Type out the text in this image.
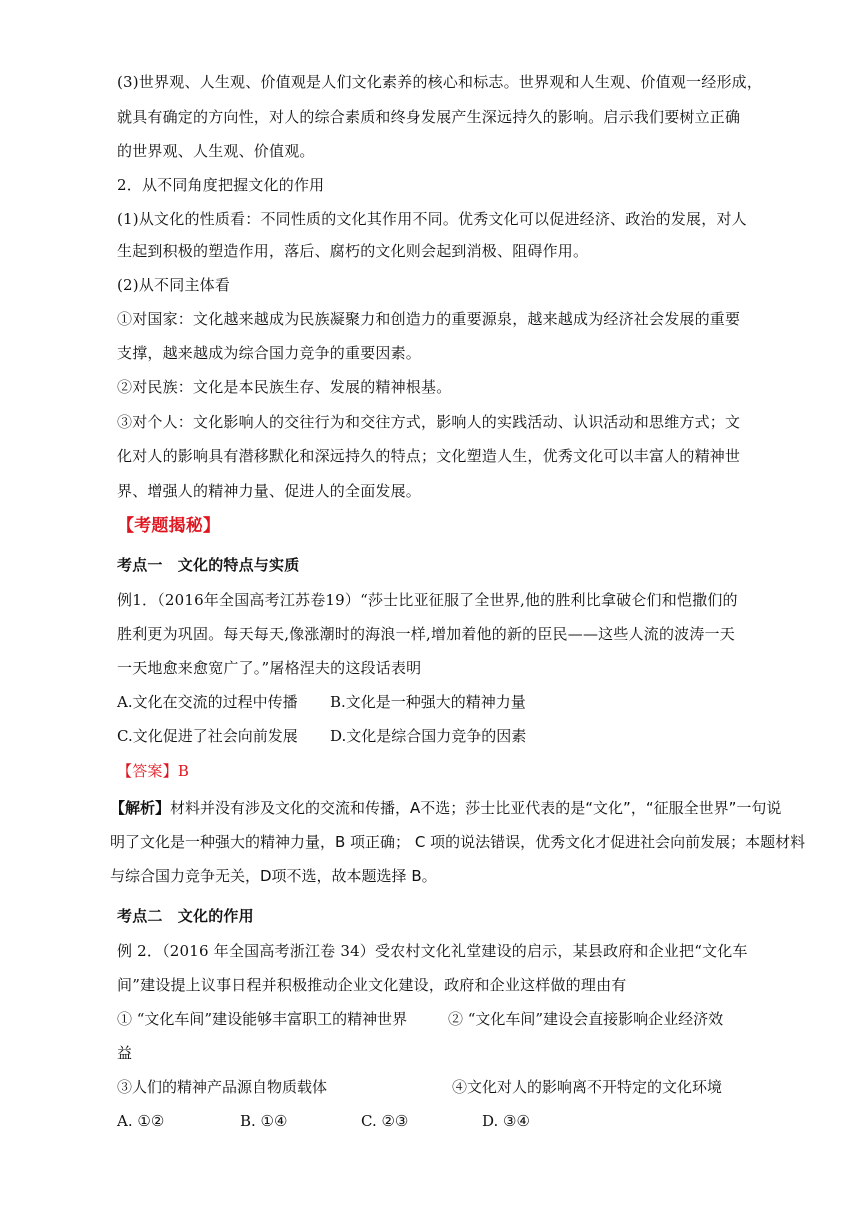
(3)世界观、人生观、价值观是人们文化素养的核心和标志。世界观和人生观、价值观一经形成，
就具有确定的方向性，对人的综合素质和终身发展产生深远持久的影响。启示我们要树立正确
的世界观、人生观、价值观。
2．从不同角度把握文化的作用
(1)从文化的性质看：不同性质的文化其作用不同。优秀文化可以促进经济、政治的发展，对人
生起到积极的塑造作用，落后、腐朽的文化则会起到消极、阻碍作用。
(2)从不同主体看
①对国家：文化越来越成为民族凝聚力和创造力的重要源泉，越来越成为经济社会发展的重要
支撑，越来越成为综合国力竞争的重要因素。
②对民族：文化是本民族生存、发展的精神根基。
③对个人：文化影响人的交往行为和交往方式，影响人的实践活动、认识活动和思维方式；文
化对人的影响具有潜移默化和深远持久的特点；文化塑造人生，优秀文化可以丰富人的精神世
界、增强人的精神力量、促进人的全面发展。
【考题揭秘】
考点一　文化的特点与实质
例1．（2016年全国高考江苏卷19）“莎士比亚征服了全世界,他的胜利比拿破仑们和恺撒们的
胜利更为巩固。每天每天,像涨潮时的海浪一样,增加着他的新的臣民——这些人流的波涛一天
一天地愈来愈宽广了。”屠格涅夫的这段话表明
A.文化在交流的过程中传播 B.文化是一种强大的精神力量
C.文化促进了社会向前发展 D.文化是综合国力竞争的因素
【答案】B
【解析】材料并没有涉及文化的交流和传播，A不选；莎士比亚代表的是“文化”，“征服全世界”一句说
明了文化是一种强大的精神力量，B 项正确； C 项的说法错误，优秀文化才促进社会向前发展；本题材料
与综合国力竞争无关，D项不选，故本题选择 B。
考点二　文化的作用
例 2．（2016 年全国高考浙江卷 34）受农村文化礼堂建设的启示，某县政府和企业把“文化车
间”建设提上议事日程并积极推动企业文化建设，政府和企业这样做的理由有
① “文化车间”建设能够丰富职工的精神世界	② “文化车间”建设会直接影响企业经济效
益
③人们的精神产品源自物质载体	④文化对人的影响离不开特定的文化环境
A. ①②	B. ①④	C. ②③	D. ③④
